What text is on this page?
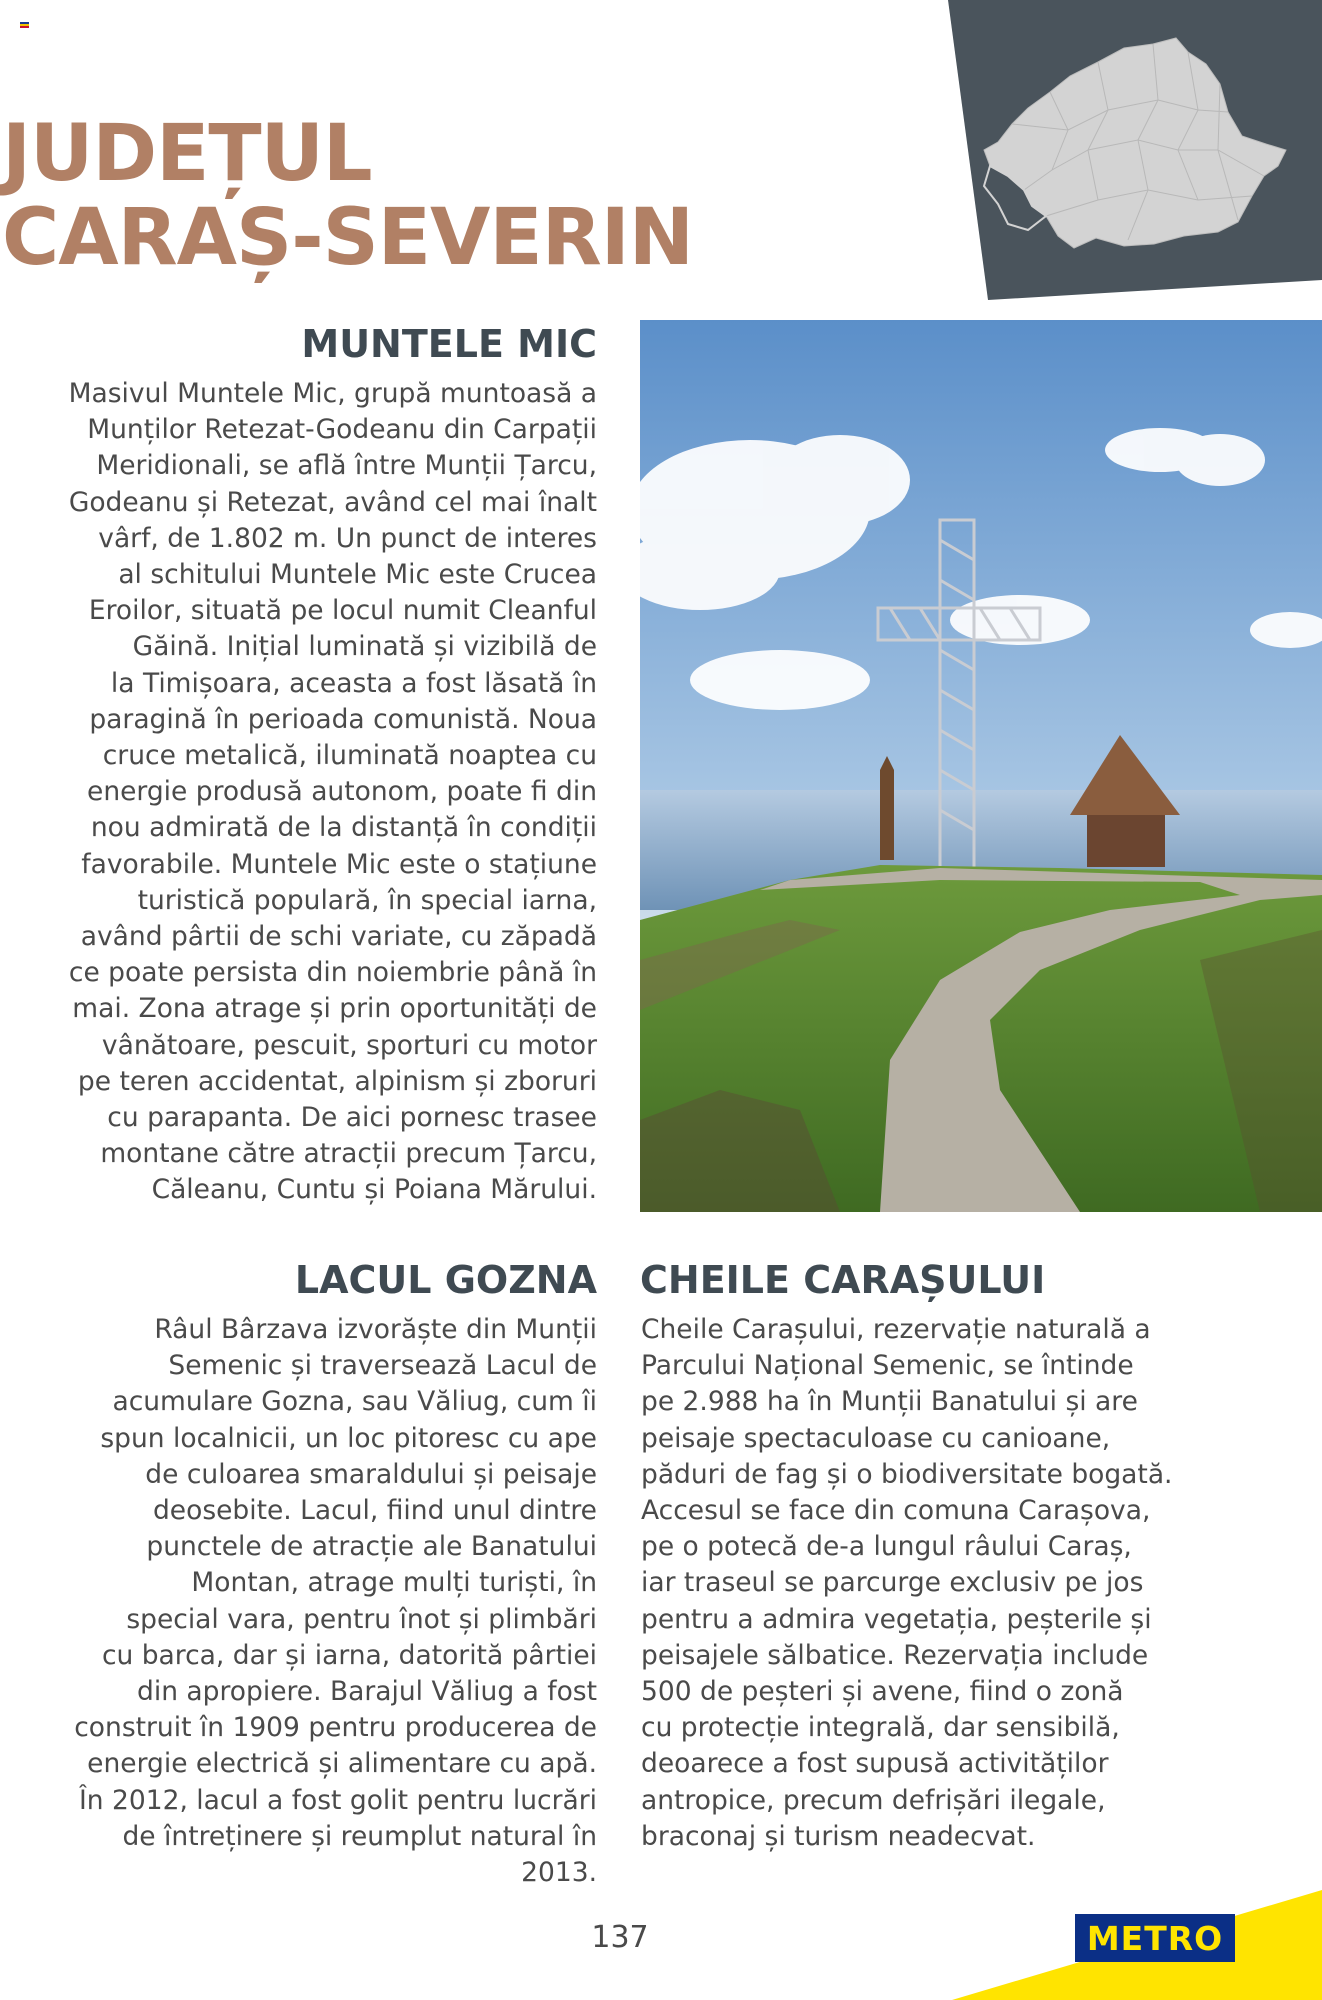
JUDEȚUL
CARAȘ-SEVERIN
MUNTELE MIC
Masivul Muntele Mic, grupă muntoasă a
Munților Retezat-Godeanu din Carpații
Meridionali, se află între Munții Țarcu,
Godeanu și Retezat, având cel mai înalt
vârf, de 1.802 m. Un punct de interes
al schitului Muntele Mic este Crucea
Eroilor, situată pe locul numit Cleanful
Găină. Inițial luminată și vizibilă de
la Timișoara, aceasta a fost lăsată în
paragină în perioada comunistă. Noua
cruce metalică, iluminată noaptea cu
energie produsă autonom, poate fi din
nou admirată de la distanță în condiții
favorabile. Muntele Mic este o stațiune
turistică populară, în special iarna,
având pârtii de schi variate, cu zăpadă
ce poate persista din noiembrie până în
mai. Zona atrage și prin oportunități de
vânătoare, pescuit, sporturi cu motor
pe teren accidentat, alpinism și zboruri
cu parapanta. De aici pornesc trasee
montane către atracții precum Țarcu,
Căleanu, Cuntu și Poiana Mărului.
LACUL GOZNA
Râul Bârzava izvorăște din Munții
Semenic și traversează Lacul de
acumulare Gozna, sau Văliug, cum îi
spun localnicii, un loc pitoresc cu ape
de culoarea smaraldului și peisaje
deosebite. Lacul, fiind unul dintre
punctele de atracție ale Banatului
Montan, atrage mulți turiști, în
special vara, pentru înot și plimbări
cu barca, dar și iarna, datorită pârtiei
din apropiere. Barajul Văliug a fost
construit în 1909 pentru producerea de
energie electrică și alimentare cu apă.
În 2012, lacul a fost golit pentru lucrări
de întreținere și reumplut natural în
2013.
CHEILE CARAȘULUI
Cheile Carașului, rezervație naturală a
Parcului Național Semenic, se întinde
pe 2.988 ha în Munții Banatului și are
peisaje spectaculoase cu canioane,
păduri de fag și o biodiversitate bogată.
Accesul se face din comuna Carașova,
pe o potecă de-a lungul râului Caraș,
iar traseul se parcurge exclusiv pe jos
pentru a admira vegetația, peșterile și
peisajele sălbatice. Rezervația include
500 de peșteri și avene, fiind o zonă
cu protecție integrală, dar sensibilă,
deoarece a fost supusă activităților
antropice, precum defrișări ilegale,
braconaj și turism neadecvat.
137	METRO
